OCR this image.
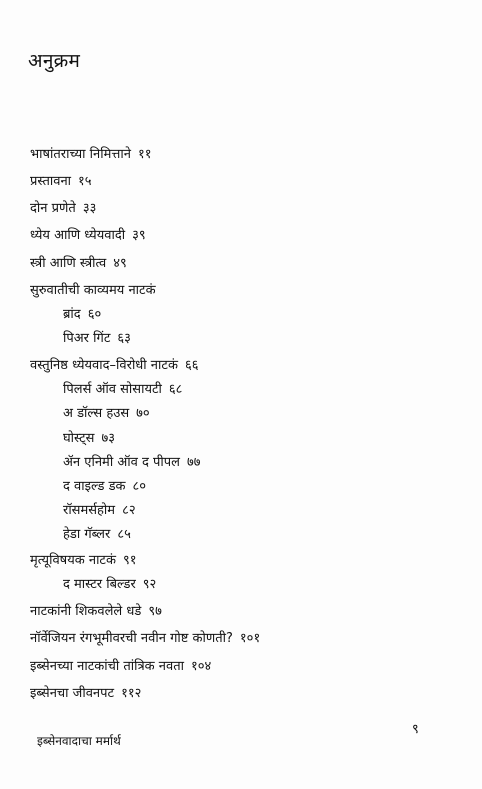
अनुक्रम
भाषांतराच्या निमित्ताने ११
प्रस्तावना १५
दोन प्रणेते ३३
ध्येय आणि ध्येयवादी ३९
स्त्री आणि स्त्रीत्व ४९
सुरुवातीची काव्यमय नाटकं
ब्रांद ६०
पिअर गिंट ६३
वस्तुनिष्ठ ध्येयवाद–विरोधी नाटकं ६६
पिलर्स ऑव सोसायटी ६८
अ डॉल्स हउस ७०
घोस्ट्स ७३
ॲन एनिमी ऑव द पीपल ७७
द वाइल्ड डक ८०
रॉसमर्सहोम ८२
हेडा गॅब्लर ८५
मृत्यूविषयक नाटकं ९१
द मास्टर बिल्डर ९२
नाटकांनी शिकवलेले धडे ९७
नॉर्वेजियन रंगभूमीवरची नवीन गोष्ट कोणती? १०१
इब्सेनच्या नाटकांची तांत्रिक नवता १०४
इब्सेनचा जीवनपट ११२
इब्सेनवादाचा मर्मार्थ
९
